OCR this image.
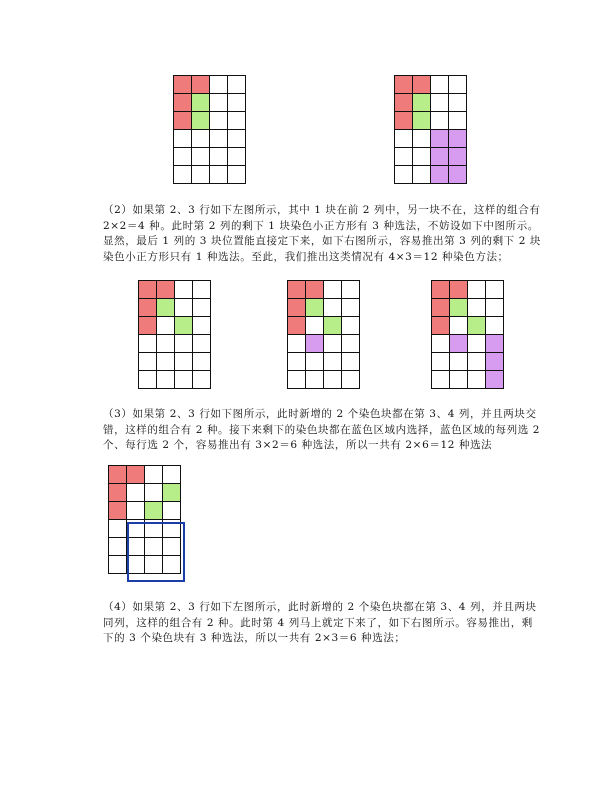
（2）如果第 2、3 行如下左图所示，其中 1 块在前 2 列中，另一块不在，这样的组合有 2×2＝4 种。此时第 2 列的剩下 1 块染色小正方形有 3 种选法，不妨设如下中图所示。显然，最后 1 列的 3 块位置能直接定下来，如下右图所示，容易推出第 3 列的剩下 2 块染色小正方形只有 1 种选法。至此，我们推出这类情况有 4×3＝12 种染色方法；

（3）如果第 2、3 行如下图所示，此时新增的 2 个染色块都在第 3、4 列，并且两块交错，这样的组合有 2 种。接下来剩下的染色块都在蓝色区域内选择，蓝色区域的每列选 2 个、每行选 2 个，容易推出有 3×2＝6 种选法，所以一共有 2×6＝12 种选法

（4）如果第 2、3 行如下左图所示，此时新增的 2 个染色块都在第 3、4 列，并且两块同列，这样的组合有 2 种。此时第 4 列马上就定下来了，如下右图所示。容易推出，剩下的 3 个染色块有 3 种选法，所以一共有 2×3＝6 种选法；
